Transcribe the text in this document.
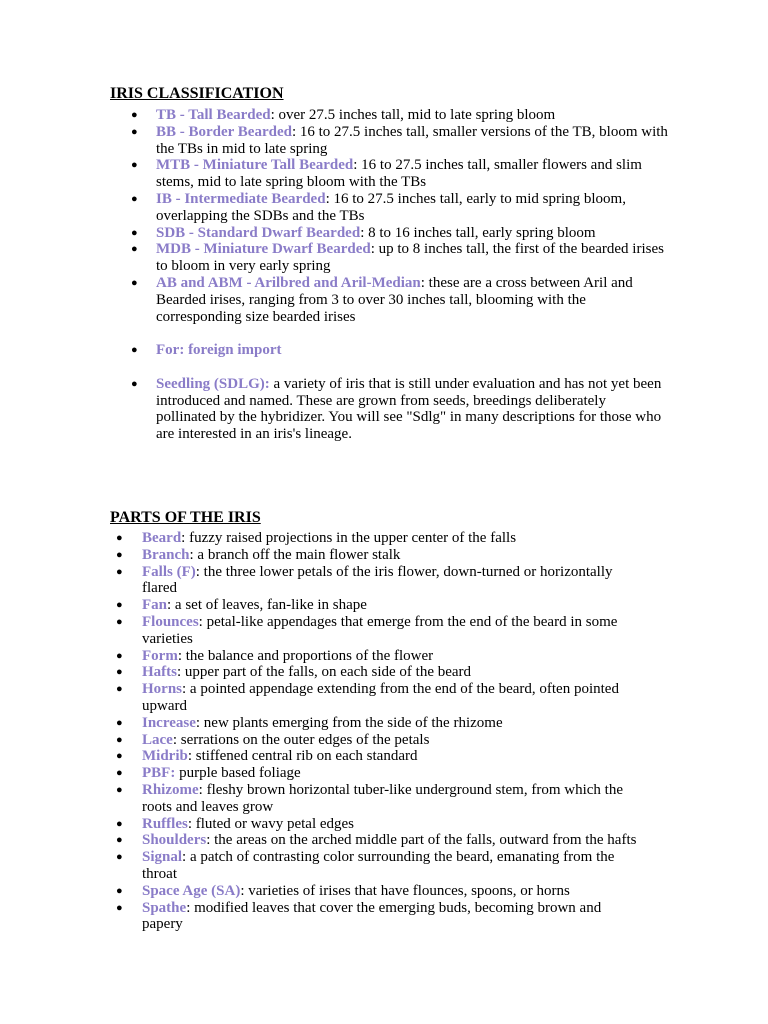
IRIS CLASSIFICATION
● TB - Tall Bearded: over 27.5 inches tall, mid to late spring bloom
● BB - Border Bearded: 16 to 27.5 inches tall, smaller versions of the TB, bloom with the TBs in mid to late spring
● MTB - Miniature Tall Bearded: 16 to 27.5 inches tall, smaller flowers and slim stems, mid to late spring bloom with the TBs
● IB - Intermediate Bearded: 16 to 27.5 inches tall, early to mid spring bloom, overlapping the SDBs and the TBs
● SDB - Standard Dwarf Bearded: 8 to 16 inches tall, early spring bloom
● MDB - Miniature Dwarf Bearded: up to 8 inches tall, the first of the bearded irises to bloom in very early spring
● AB and ABM - Arilbred and Aril-Median: these are a cross between Aril and Bearded irises, ranging from 3 to over 30 inches tall, blooming with the corresponding size bearded irises
● For: foreign import
● Seedling (SDLG): a variety of iris that is still under evaluation and has not yet been introduced and named. These are grown from seeds, breedings deliberately pollinated by the hybridizer. You will see "Sdlg" in many descriptions for those who are interested in an iris's lineage.
PARTS OF THE IRIS
● Beard: fuzzy raised projections in the upper center of the falls
● Branch: a branch off the main flower stalk
● Falls (F): the three lower petals of the iris flower, down-turned or horizontally flared
● Fan: a set of leaves, fan-like in shape
● Flounces: petal-like appendages that emerge from the end of the beard in some varieties
● Form: the balance and proportions of the flower
● Hafts: upper part of the falls, on each side of the beard
● Horns: a pointed appendage extending from the end of the beard, often pointed upward
● Increase: new plants emerging from the side of the rhizome
● Lace: serrations on the outer edges of the petals
● Midrib: stiffened central rib on each standard
● PBF: purple based foliage
● Rhizome: fleshy brown horizontal tuber-like underground stem, from which the roots and leaves grow
● Ruffles: fluted or wavy petal edges
● Shoulders: the areas on the arched middle part of the falls, outward from the hafts
● Signal: a patch of contrasting color surrounding the beard, emanating from the throat
● Space Age (SA): varieties of irises that have flounces, spoons, or horns
● Spathe: modified leaves that cover the emerging buds, becoming brown and papery
